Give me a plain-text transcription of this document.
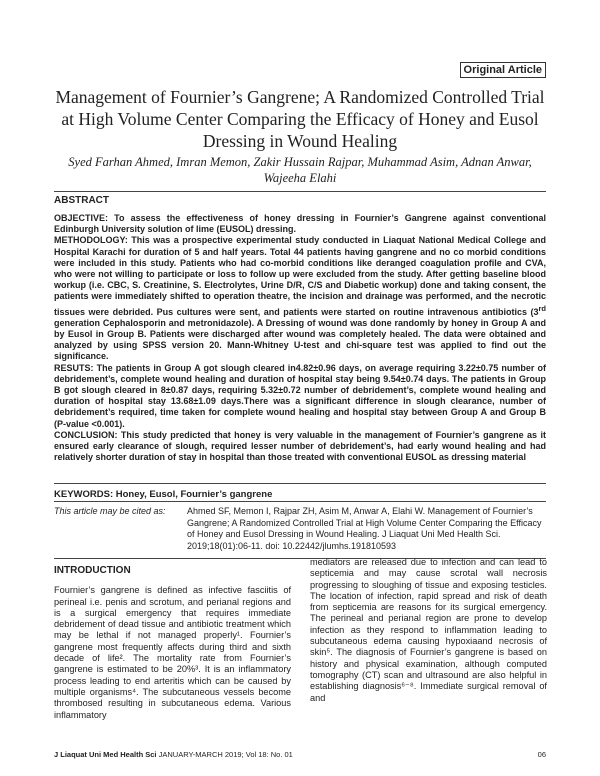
Original Article
Management of Fournier’s Gangrene; A Randomized Controlled Trial at High Volume Center Comparing the Efficacy of Honey and Eusol Dressing in Wound Healing
Syed Farhan Ahmed, Imran Memon, Zakir Hussain Rajpar, Muhammad Asim, Adnan Anwar, Wajeeha Elahi
ABSTRACT

OBJECTIVE: To assess the effectiveness of honey dressing in Fournier’s Gangrene against conventional Edinburgh University solution of lime (EUSOL) dressing.

METHODOLOGY: This was a prospective experimental study conducted in Liaquat National Medical College and Hospital Karachi for duration of 5 and half years. Total 44 patients having gangrene and no co morbid conditions were included in this study. Patients who had co-morbid conditions like deranged coagulation profile and CVA, who were not willing to participate or loss to follow up were excluded from the study. After getting baseline blood workup (i.e. CBC, S. Creatinine, S. Electrolytes, Urine D/R, C/S and Diabetic workup) done and taking consent, the patients were immediately shifted to operation theatre, the incision and drainage was performed, and the necrotic tissues were debrided. Pus cultures were sent, and patients were started on routine intravenous antibiotics (3rd generation Cephalosporin and metronidazole). A Dressing of wound was done randomly by honey in Group A and by Eusol in Group B. Patients were discharged after wound was completely healed. The data were obtained and analyzed by using SPSS version 20. Mann-Whitney U-test and chi-square test was applied to find out the significance.

RESUTS: The patients in Group A got slough cleared in4.82±0.96 days, on average requiring 3.22±0.75 number of debridement’s, complete wound healing and duration of hospital stay being 9.54±0.74 days. The patients in Group B got slough cleared in 8±0.87 days, requiring 5.32±0.72 number of debridement’s, complete wound healing and duration of hospital stay 13.68±1.09 days.There was a significant difference in slough clearance, number of debridement’s required, time taken for complete wound healing and hospital stay between Group A and Group B (P-value <0.001).

CONCLUSION: This study predicted that honey is very valuable in the management of Fournier’s gangrene as it ensured early clearance of slough, required lesser number of debridement’s, had early wound healing and had relatively shorter duration of stay in hospital than those treated with conventional EUSOL as dressing material

KEYWORDS: Honey, Eusol, Fournier’s gangrene
This article may be cited as:	Ahmed SF, Memon I, Rajpar ZH, Asim M, Anwar A, Elahi W. Management of Fournier’s Gangrene; A Randomized Controlled Trial at High Volume Center Comparing the Efficacy of Honey and Eusol Dressing in Wound Healing. J Liaquat Uni Med Health Sci. 2019;18(01):06-11. doi: 10.22442/jlumhs.191810593
INTRODUCTION

Fournier’s gangrene is defined as infective fasciitis of perineal i.e. penis and scrotum, and perianal regions and is a surgical emergency that requires immediate debridement of dead tissue and antibiotic treatment which may be lethal if not managed properly¹. Fournier’s gangrene most frequently affects during third and sixth decade of life². The mortality rate from Fournier’s gangrene is estimated to be 20%³. It is an inflammatory process leading to end arteritis which can be caused by multiple organisms⁴. The subcutaneous vessels become thrombosed resulting in subcutaneous edema. Various inflammatory

mediators are released due to infection and can lead to septicemia and may cause scrotal wall necrosis progressing to sloughing of tissue and exposing testicles. The location of infection, rapid spread and risk of death from septicemia are reasons for its surgical emergency. The perineal and perianal region are prone to develop infection as they respond to inflammation leading to subcutaneous edema causing hypoxiaand necrosis of skin⁵. The diagnosis of Fournier’s gangrene is based on history and physical examination, although computed tomography (CT) scan and ultrasound are also helpful in establishing diagnosis⁶⁻⁸. Immediate surgical removal of and

J Liaquat Uni Med Health Sci JANUARY-MARCH 2019; Vol 18: No. 01	06
